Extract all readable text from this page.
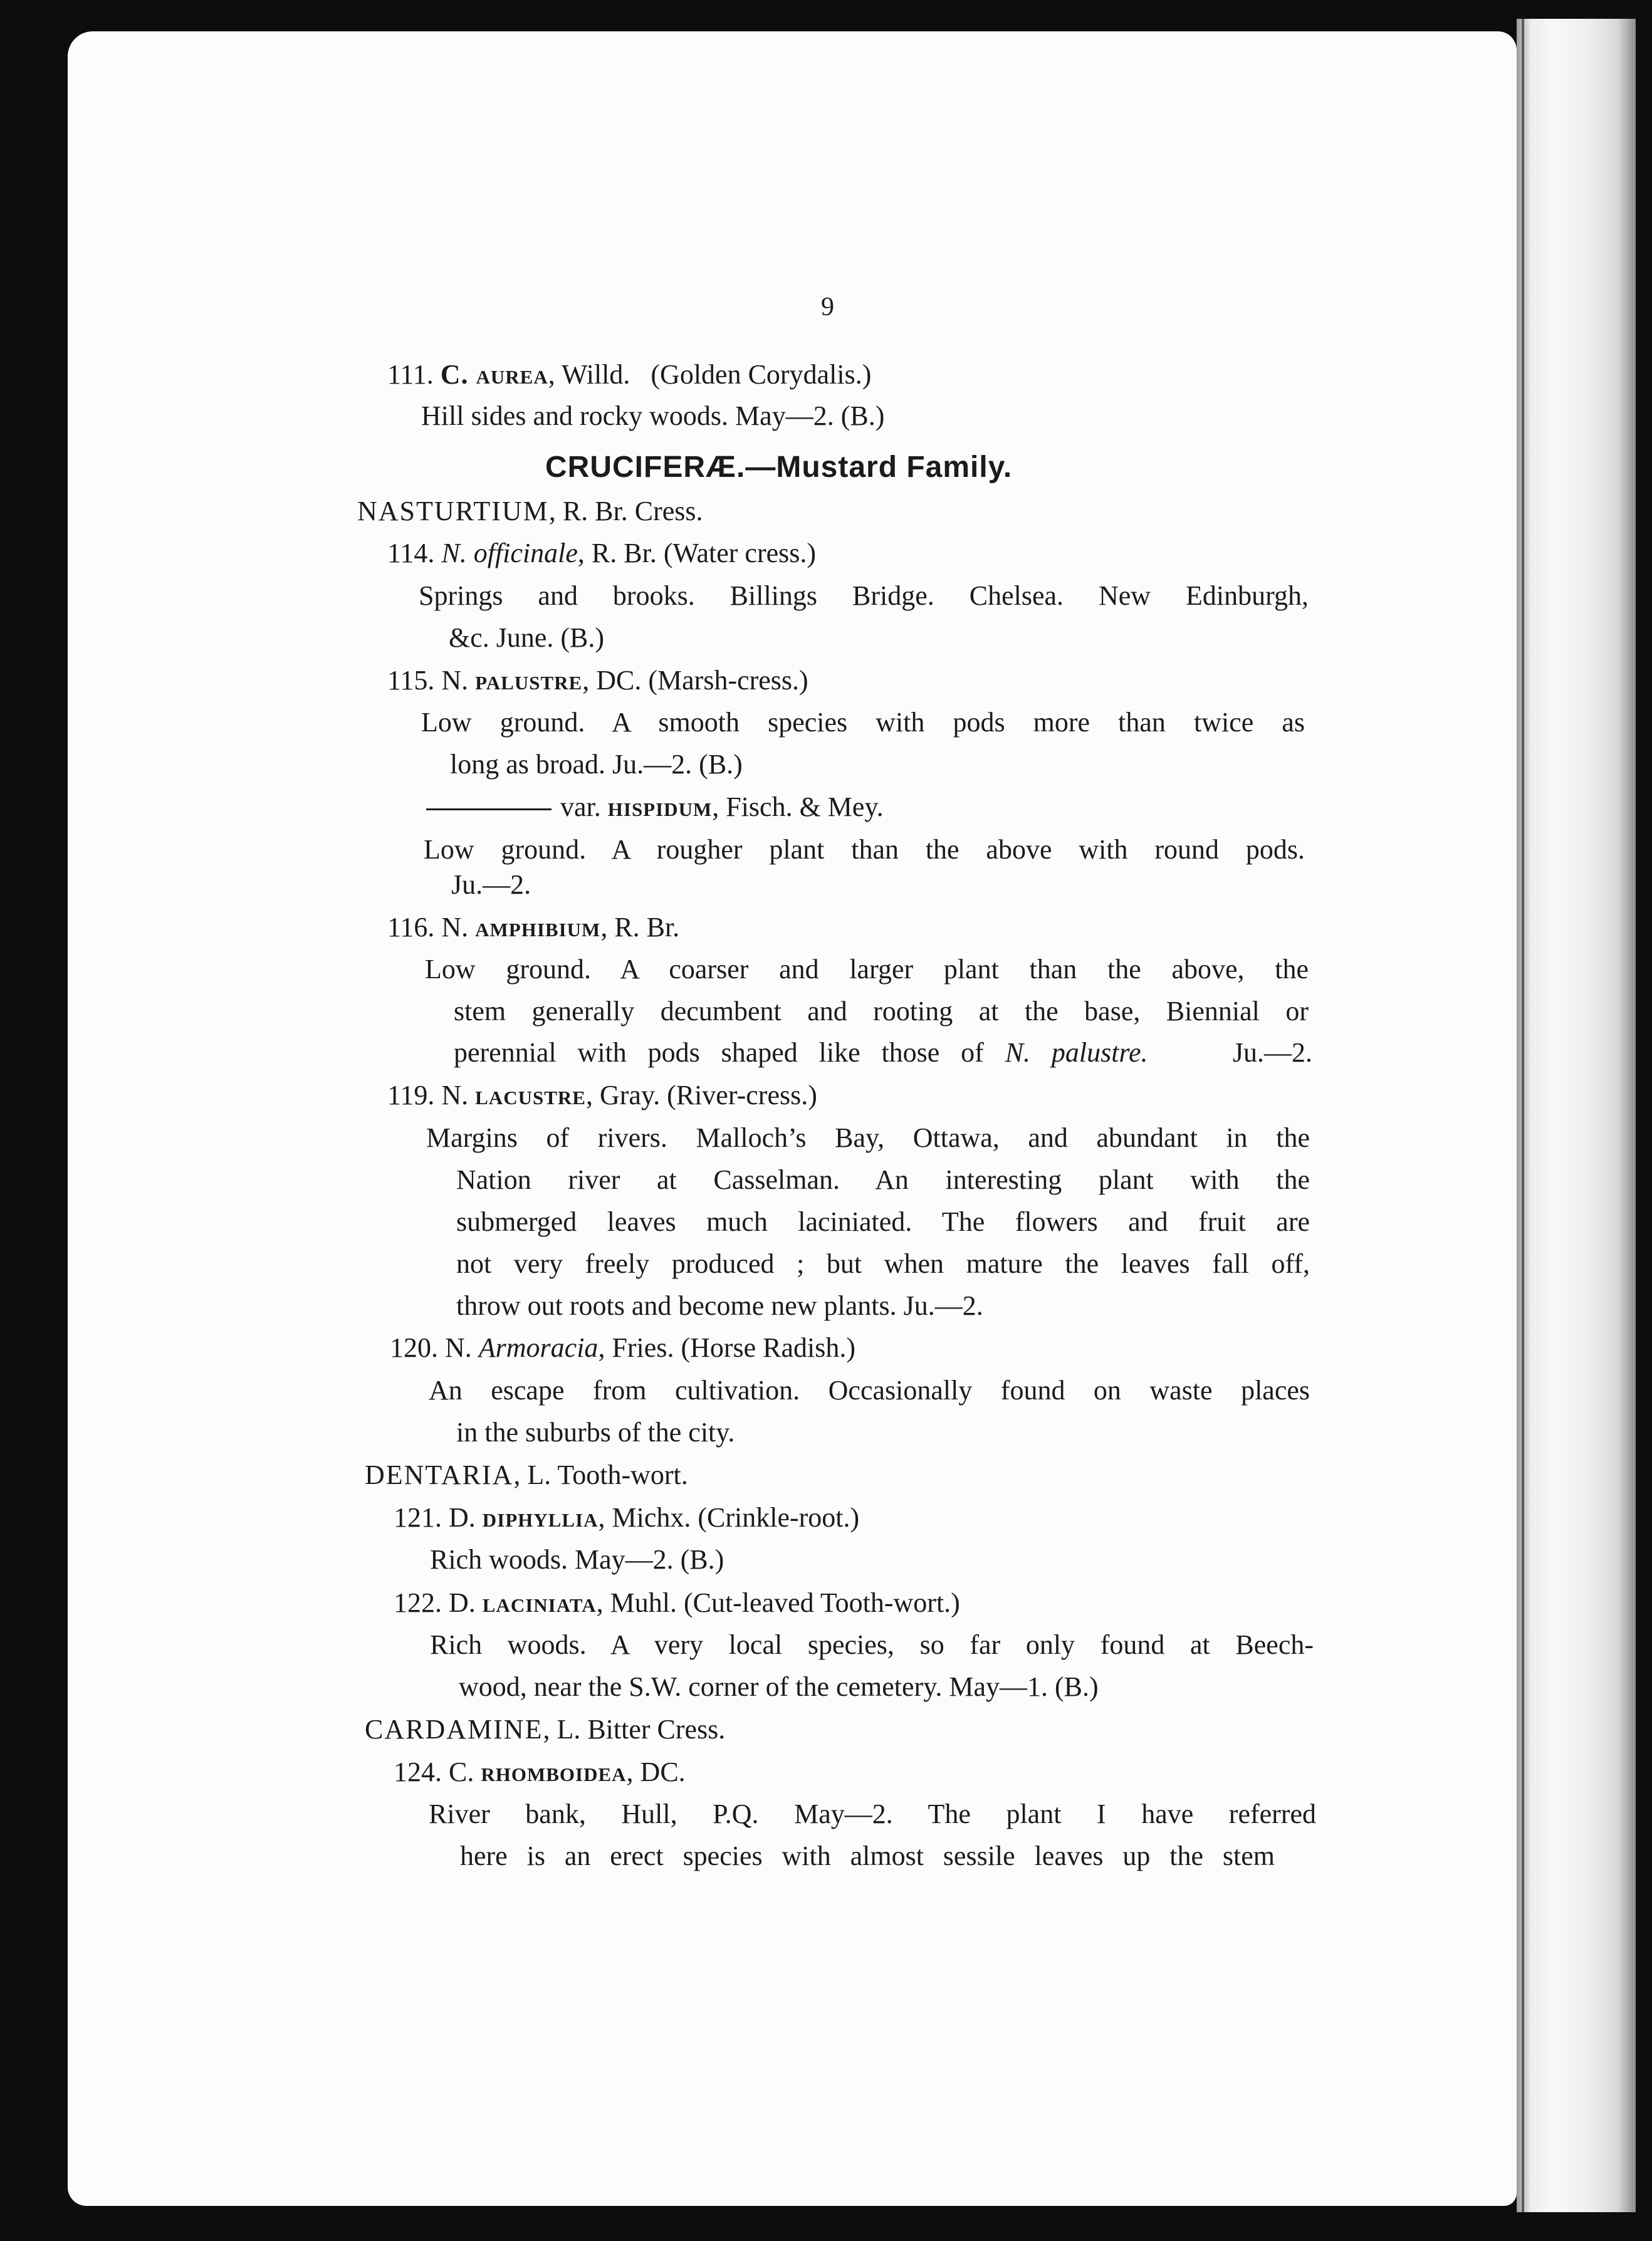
9

111. C. aurea, Willd. (Golden Corydalis.)

Hill sides and rocky woods. May—2. (B.)

CRUCIFERÆ.—Mustard Family.

NASTURTIUM, R. Br. Cress.

114. N. officinale, R. Br. (Water cress.)

Springs and brooks. Billings Bridge. Chelsea. New Edinburgh,

&c. June. (B.)

115. N. palustre, DC. (Marsh-cress.)

Low ground. A smooth species with pods more than twice as

long as broad. Ju.—2. (B.)

var. hispidum, Fisch. & Mey.

Low ground. A rougher plant than the above with round pods.

Ju.—2.

116. N. amphibium, R. Br.

Low ground. A coarser and larger plant than the above, the

stem generally decumbent and rooting at the base, Biennial or

perennial with pods shaped like those of N. palustre.	Ju.—2.

119. N. lacustre, Gray. (River-cress.)

Margins of rivers. Malloch’s Bay, Ottawa, and abundant in the

Nation river at Casselman. An interesting plant with the

submerged leaves much laciniated. The flowers and fruit are

not very freely produced ; but when mature the leaves fall off,

throw out roots and become new plants. Ju.—2.

120. N. Armoracia, Fries. (Horse Radish.)

An escape from cultivation. Occasionally found on waste places

in the suburbs of the city.

DENTARIA, L. Tooth-wort.

121. D. diphyllia, Michx. (Crinkle-root.)

Rich woods. May—2. (B.)

122. D. laciniata, Muhl. (Cut-leaved Tooth-wort.)

Rich woods. A very local species, so far only found at Beech-

wood, near the S.W. corner of the cemetery. May—1. (B.)

CARDAMINE, L. Bitter Cress.

124. C. rhomboidea, DC.

River bank, Hull, P.Q. May—2. The plant I have referred

here is an erect species with almost sessile leaves up the stem
